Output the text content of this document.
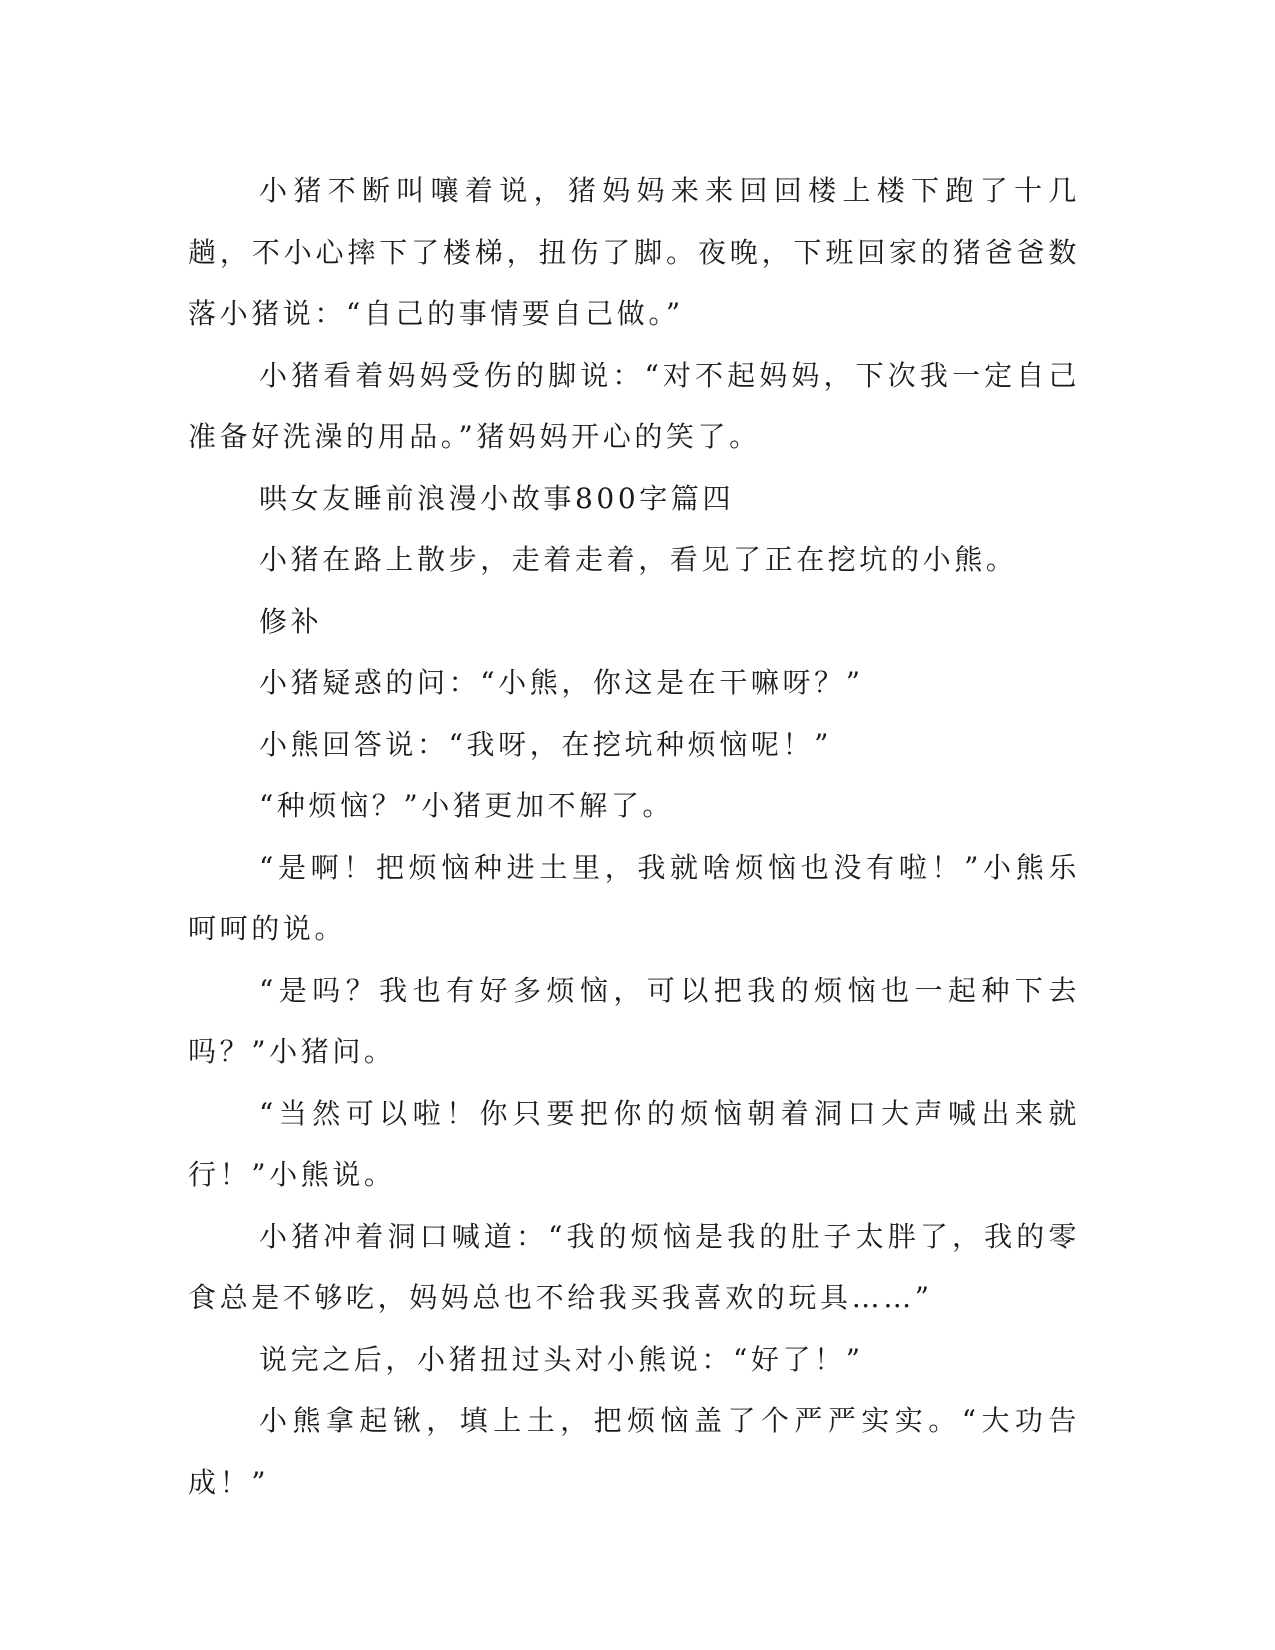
小猪不断叫嚷着说，猪妈妈来来回回楼上楼下跑了十几趟，不小心摔下了楼梯，扭伤了脚。夜晚，下班回家的猪爸爸数落小猪说：“自己的事情要自己做。”

小猪看着妈妈受伤的脚说：“对不起妈妈，下次我一定自己准备好洗澡的用品。”猪妈妈开心的笑了。

哄女友睡前浪漫小故事800字篇四

小猪在路上散步，走着走着，看见了正在挖坑的小熊。

修补

小猪疑惑的问：“小熊，你这是在干嘛呀？”

小熊回答说：“我呀，在挖坑种烦恼呢！”

“种烦恼？”小猪更加不解了。

“是啊！把烦恼种进土里，我就啥烦恼也没有啦！”小熊乐呵呵的说。

“是吗？我也有好多烦恼，可以把我的烦恼也一起种下去吗？”小猪问。

“当然可以啦！你只要把你的烦恼朝着洞口大声喊出来就行！”小熊说。

小猪冲着洞口喊道：“我的烦恼是我的肚子太胖了，我的零食总是不够吃，妈妈总也不给我买我喜欢的玩具……”

说完之后，小猪扭过头对小熊说：“好了！”

小熊拿起锹，填上土，把烦恼盖了个严严实实。“大功告成！”
